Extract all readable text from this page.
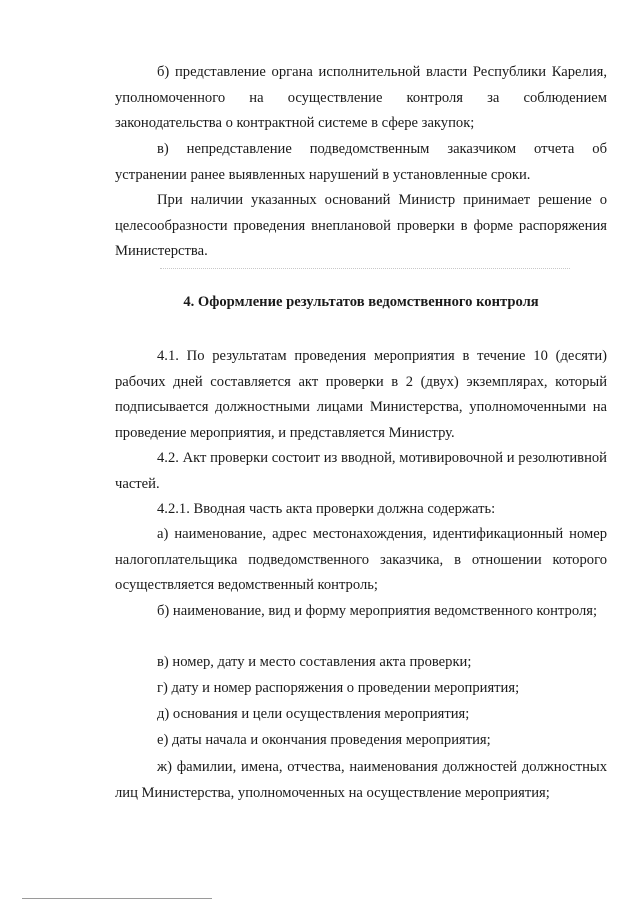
б) представление органа исполнительной власти Республики Карелия, уполномоченного на осуществление контроля за соблюдением законодательства о контрактной системе в сфере закупок;

в) непредставление подведомственным заказчиком отчета об устранении ранее выявленных нарушений в установленные сроки.

При наличии указанных оснований Министр принимает решение о целесообразности проведения внеплановой проверки в форме распоряжения Министерства.

4. Оформление результатов ведомственного контроля

4.1. По результатам проведения мероприятия в течение 10 (десяти) рабочих дней составляется акт проверки в 2 (двух) экземплярах, который подписывается должностными лицами Министерства, уполномоченными на проведение мероприятия, и представляется Министру.

4.2. Акт проверки состоит из вводной, мотивировочной и резолютивной частей.

4.2.1. Вводная часть акта проверки должна содержать:

а) наименование, адрес местонахождения, идентификационный номер налогоплательщика подведомственного заказчика, в отношении которого осуществляется ведомственный контроль;

б) наименование, вид и форму мероприятия ведомственного контроля;

в) номер, дату и место составления акта проверки;

г) дату и номер распоряжения о проведении мероприятия;

д) основания и цели осуществления мероприятия;

е) даты начала и окончания проведения мероприятия;

ж) фамилии, имена, отчества, наименования должностей должностных лиц Министерства, уполномоченных на осуществление мероприятия;
